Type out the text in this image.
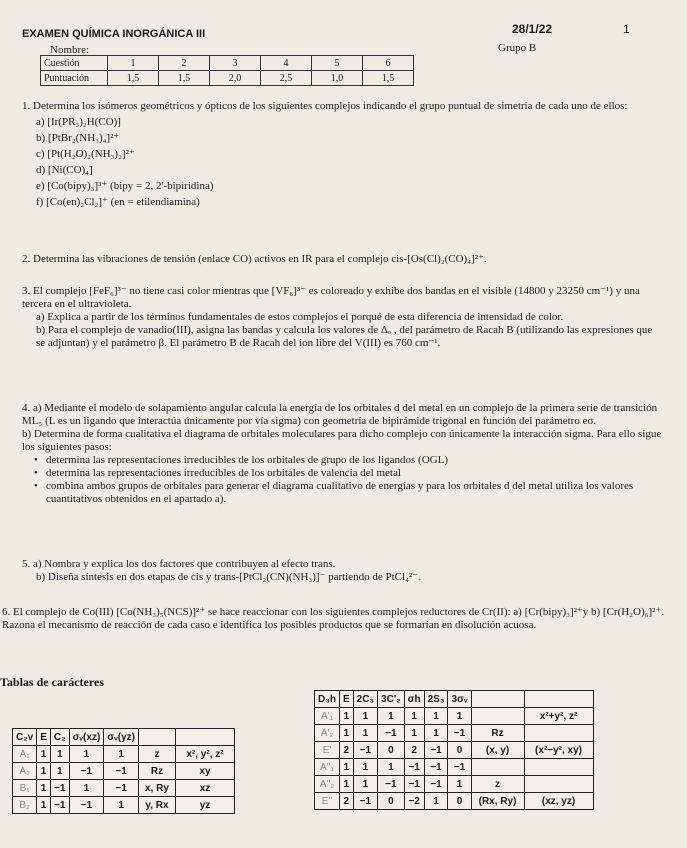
EXAMEN QUÍMICA INORGÁNICA III	28/1/22	1
Nombre:	Grupo B
Cuestión	1	2	3	4	5	6
Puntuación	1,5	1,5	2,0	2,5	1,0	1,5

1. Determina los isómeros geométricos y ópticos de los siguientes complejos indicando el grupo puntual de simetría de cada uno de ellos:

a) [Ir(PR₃)₂H(CO)]

b) [PtBr₂(NH₃)₄]²⁺

c) [Pt(H₂O)₂(NH₃)₂]²⁺

d) [Ni(CO)₄]

e) [Co(bipy)₃]³⁺ (bipy = 2, 2'-bipiridina)

f) [Co(en)₂Cl₂]⁺ (en = etilendiamina)

2. Determina las vibraciones de tensión (enlace CO) activos en IR para el complejo cis-[Os(Cl)₂(CO)₄]²⁺.

3. El complejo [FeF₆]³⁻ no tiene casi color mientras que [VF₆]³⁻ es coloreado y exhibe dos bandas en el visible (14800 y 23250 cm⁻¹) y una tercera en el ultravioleta.

a) Explica a partir de los términos fundamentales de estos complejos el porqué de esta diferencia de intensidad de color.

b) Para el complejo de vanadio(III), asigna las bandas y calcula los valores de Δₒ , del parámetro de Racah B (utilizando las expresiones que se adjuntan) y el parámetro β. El parámetro B de Racah del ion libre del V(III) es 760 cm⁻¹.

4. a) Mediante el modelo de solapamiento angular calcula la energía de los orbitales d del metal en un complejo de la primera serie de transición ML₅ (L es un ligando que interactúa únicamente por vía sigma) con geometría de bipirámide trigonal en función del parámetro eσ.

b) Determina de forma cualitativa el diagrama de orbitales moleculares para dicho complejo con únicamente la interacción sigma. Para ello sigue los siguientes pasos:

• determina las representaciones irreducibles de los orbitales de grupo de los ligandos (OGL)

• determina las representaciones irreducibles de los orbitales de valencia del metal

• combina ambos grupos de orbitales para generar el diagrama cualitativo de energías y para los orbitales d del metal utiliza los valores cuantitativos obtenidos en el apartado a).

5. a) Nombra y explica los dos factores que contribuyen al efecto trans.

b) Diseña síntesis en dos etapas de cis y trans-[PtCl₂(CN)(NH₃)]⁻ partiendo de PtCl₄²⁻.

6. El complejo de Co(III) [Co(NH₃)₅(NCS)]²⁺ se hace reaccionar con los siguientes complejos reductores de Cr(II): a) [Cr(bipy)₃]²⁺y b) [Cr(H₂O)₆]²⁺. Razona el mecanismo de reacción de cada caso e identifica los posibles productos que se formarían en disolución acuosa.

Tablas de carácteres
C₂v	E	C₂	σᵥ(xz)	σᵥ(yz)		
A₁	1	1	1	1	z	x², y², z²
A₂	1	1	−1	−1	Rz	xy
B₁	1	−1	1	−1	x, Ry	xz
B₂	1	−1	−1	1	y, Rx	yz
D₃h	E	2C₃	3C'₂	σh	2S₃	3σᵥ		
A'₁	1	1	1	1	1	1		x²+y², z²
A'₂	1	1	−1	1	1	−1	Rz	
E'	2	−1	0	2	−1	0	(x, y)	(x²−y², xy)
A''₁	1	1	1	−1	−1	−1		
A''₂	1	1	−1	−1	−1	1	z	
E''	2	−1	0	−2	1	0	(Rx, Ry)	(xz, yz)
